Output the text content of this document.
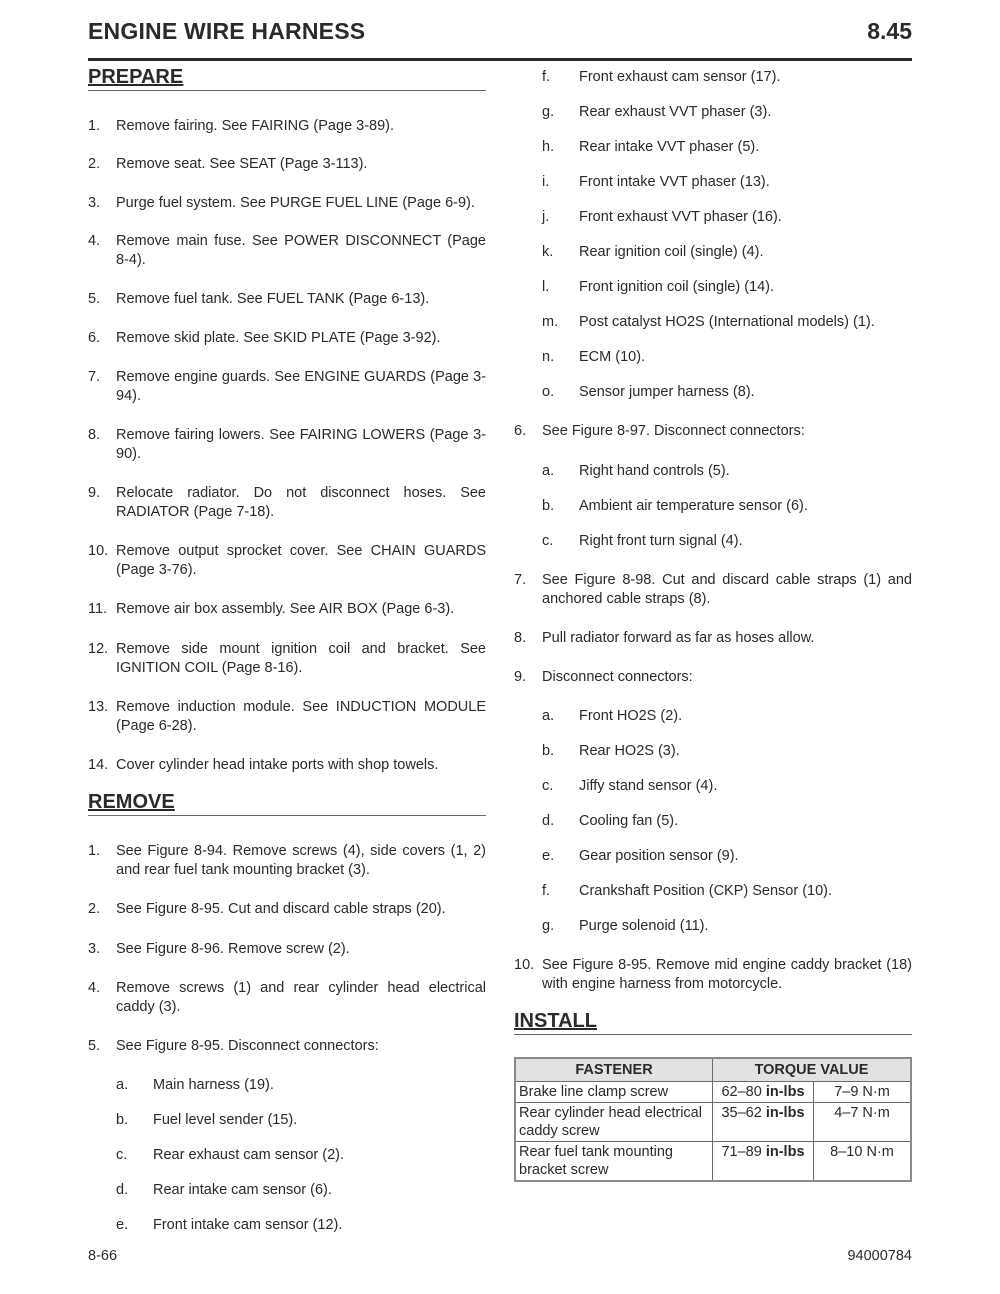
ENGINE WIRE HARNESS	8.45
PREPARE
1. Remove fairing. See FAIRING (Page 3-89).
2. Remove seat. See SEAT (Page 3-113).
3. Purge fuel system. See PURGE FUEL LINE (Page 6-9).
4. Remove main fuse. See POWER DISCONNECT (Page 8-4).
5. Remove fuel tank. See FUEL TANK (Page 6-13).
6. Remove skid plate. See SKID PLATE (Page 3-92).
7. Remove engine guards. See ENGINE GUARDS (Page 3-94).
8. Remove fairing lowers. See FAIRING LOWERS (Page 3-90).
9. Relocate radiator. Do not disconnect hoses. See RADIATOR (Page 7-18).
10. Remove output sprocket cover. See CHAIN GUARDS (Page 3-76).
11. Remove air box assembly. See AIR BOX (Page 6-3).
12. Remove side mount ignition coil and bracket. See IGNITION COIL (Page 8-16).
13. Remove induction module. See INDUCTION MODULE (Page 6-28).
14. Cover cylinder head intake ports with shop towels.
REMOVE
1. See Figure 8-94. Remove screws (4), side covers (1, 2) and rear fuel tank mounting bracket (3).
2. See Figure 8-95. Cut and discard cable straps (20).
3. See Figure 8-96. Remove screw (2).
4. Remove screws (1) and rear cylinder head electrical caddy (3).
5. See Figure 8-95. Disconnect connectors:
a. Main harness (19).
b. Fuel level sender (15).
c. Rear exhaust cam sensor (2).
d. Rear intake cam sensor (6).
e. Front intake cam sensor (12).
f. Front exhaust cam sensor (17).
g. Rear exhaust VVT phaser (3).
h. Rear intake VVT phaser (5).
i. Front intake VVT phaser (13).
j. Front exhaust VVT phaser (16).
k. Rear ignition coil (single) (4).
l. Front ignition coil (single) (14).
m. Post catalyst HO2S (International models) (1).
n. ECM (10).
o. Sensor jumper harness (8).
6. See Figure 8-97. Disconnect connectors:
a. Right hand controls (5).
b. Ambient air temperature sensor (6).
c. Right front turn signal (4).
7. See Figure 8-98. Cut and discard cable straps (1) and anchored cable straps (8).
8. Pull radiator forward as far as hoses allow.
9. Disconnect connectors:
a. Front HO2S (2).
b. Rear HO2S (3).
c. Jiffy stand sensor (4).
d. Cooling fan (5).
e. Gear position sensor (9).
f. Crankshaft Position (CKP) Sensor (10).
g. Purge solenoid (11).
10. See Figure 8-95. Remove mid engine caddy bracket (18) with engine harness from motorcycle.
INSTALL
FASTENER	TORQUE VALUE	
Brake line clamp screw	62–80 in-lbs	7–9 N·m
Rear cylinder head electrical caddy screw	35–62 in-lbs	4–7 N·m
Rear fuel tank mounting bracket screw	71–89 in-lbs	8–10 N·m
8-66	94000784
